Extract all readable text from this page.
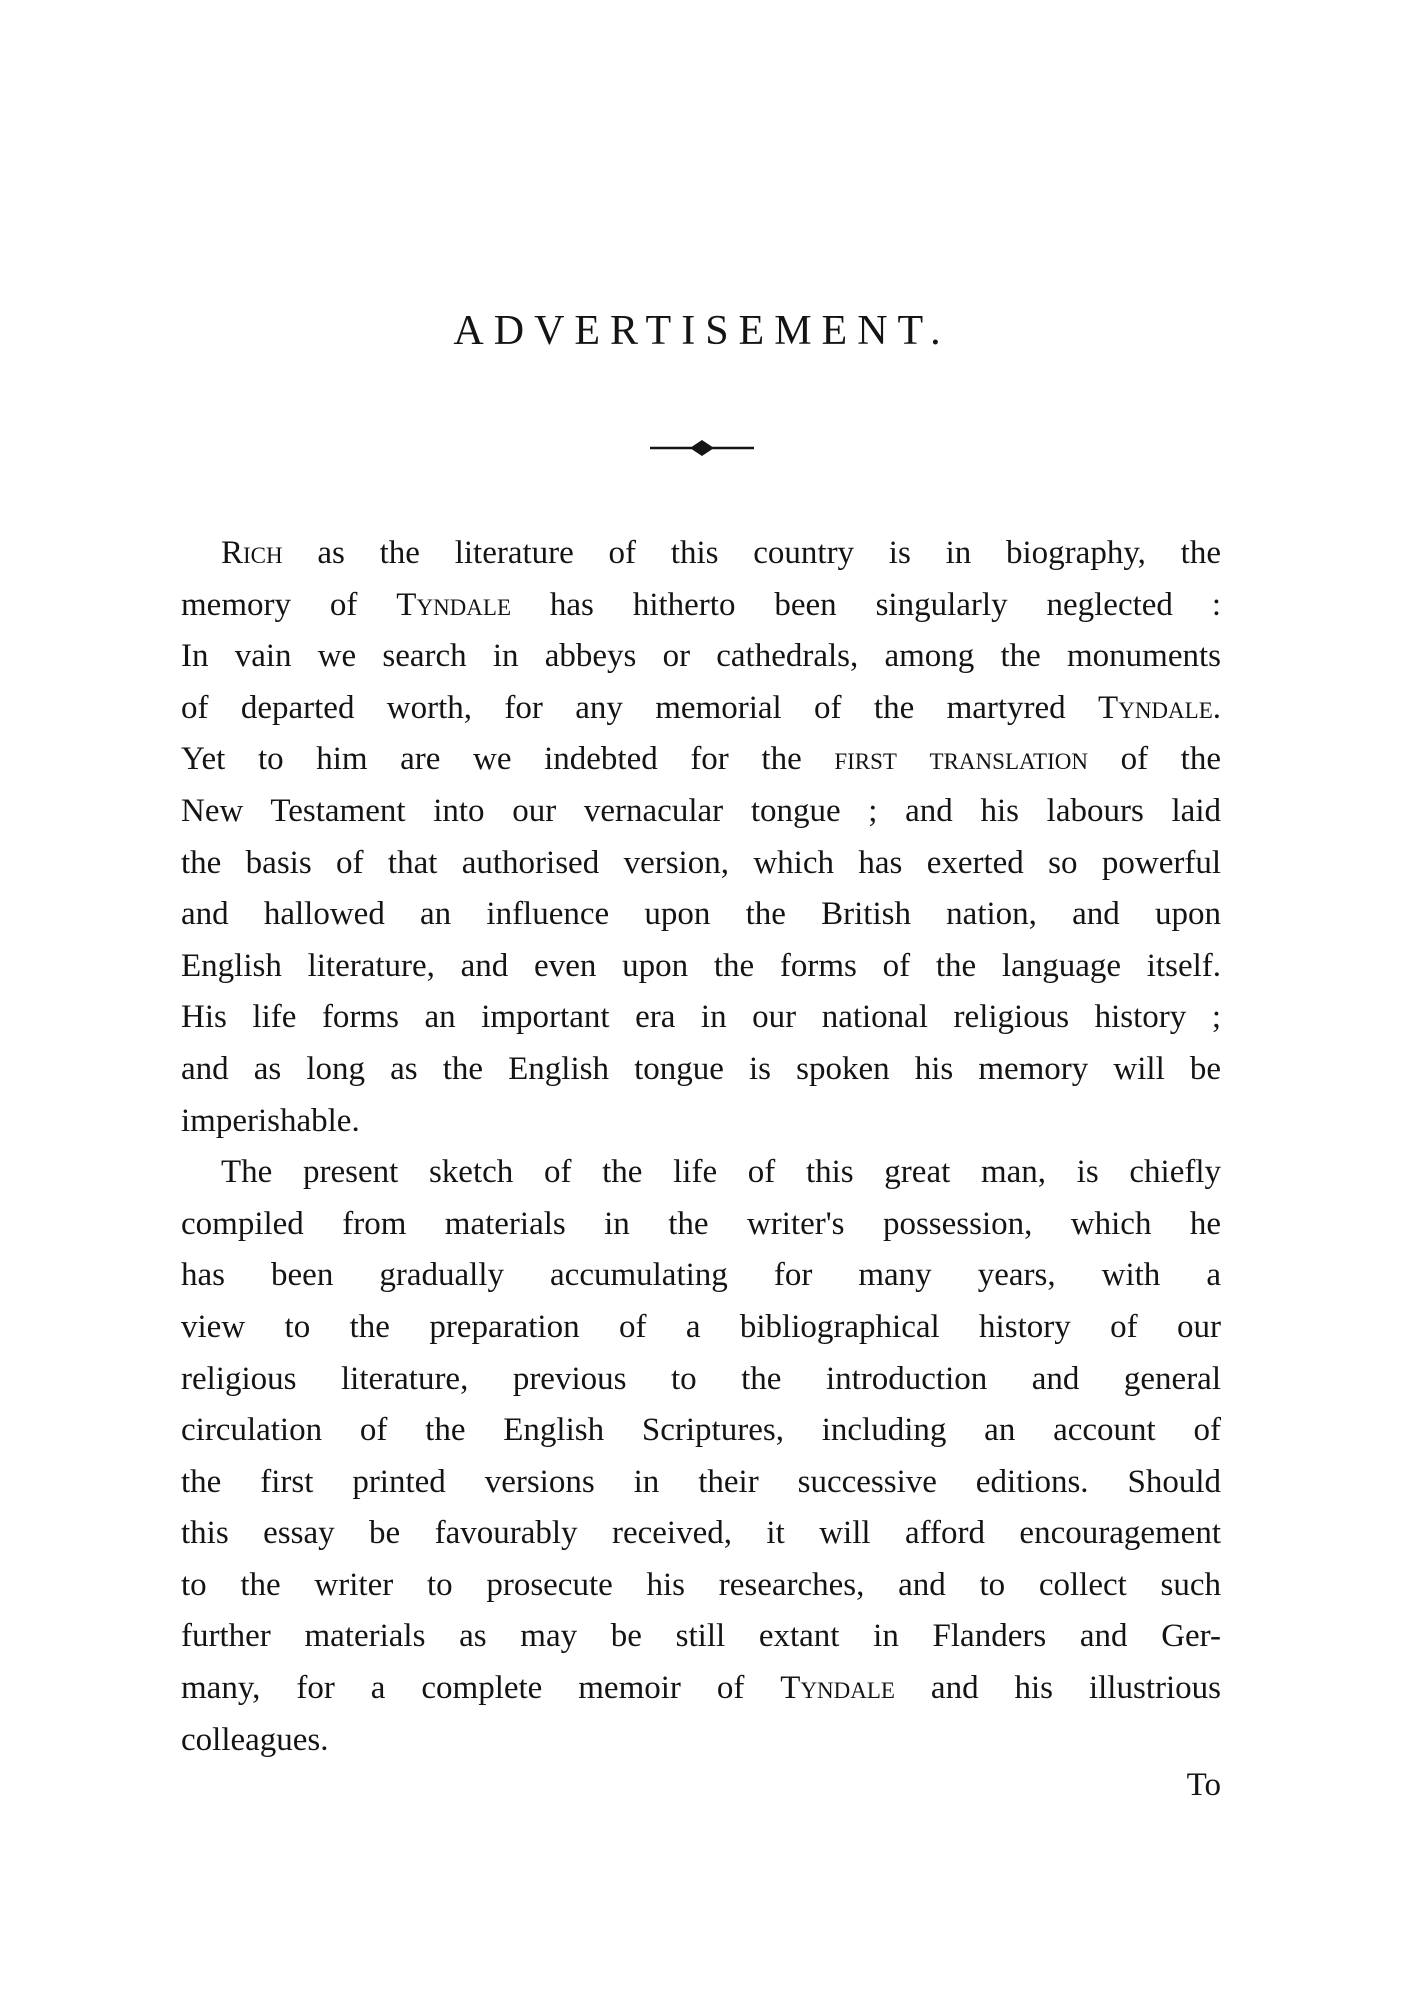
ADVERTISEMENT.
Rich as the literature of this country is in biography, the
memory of Tyndale has hitherto been singularly neglected :
In vain we search in abbeys or cathedrals, among the monuments
of departed worth, for any memorial of the martyred Tyndale.
Yet to him are we indebted for the first translation of the
New Testament into our vernacular tongue ; and his labours laid
the basis of that authorised version, which has exerted so powerful
and hallowed an influence upon the British nation, and upon
English literature, and even upon the forms of the language itself.
His life forms an important era in our national religious history ;
and as long as the English tongue is spoken his memory will be
imperishable.
The present sketch of the life of this great man, is chiefly
compiled from materials in the writer's possession, which he
has been gradually accumulating for many years, with a
view to the preparation of a bibliographical history of our
religious literature, previous to the introduction and general
circulation of the English Scriptures, including an account of
the first printed versions in their successive editions. Should
this essay be favourably received, it will afford encouragement
to the writer to prosecute his researches, and to collect such
further materials as may be still extant in Flanders and Ger-
many, for a complete memoir of Tyndale and his illustrious
colleagues.
To
